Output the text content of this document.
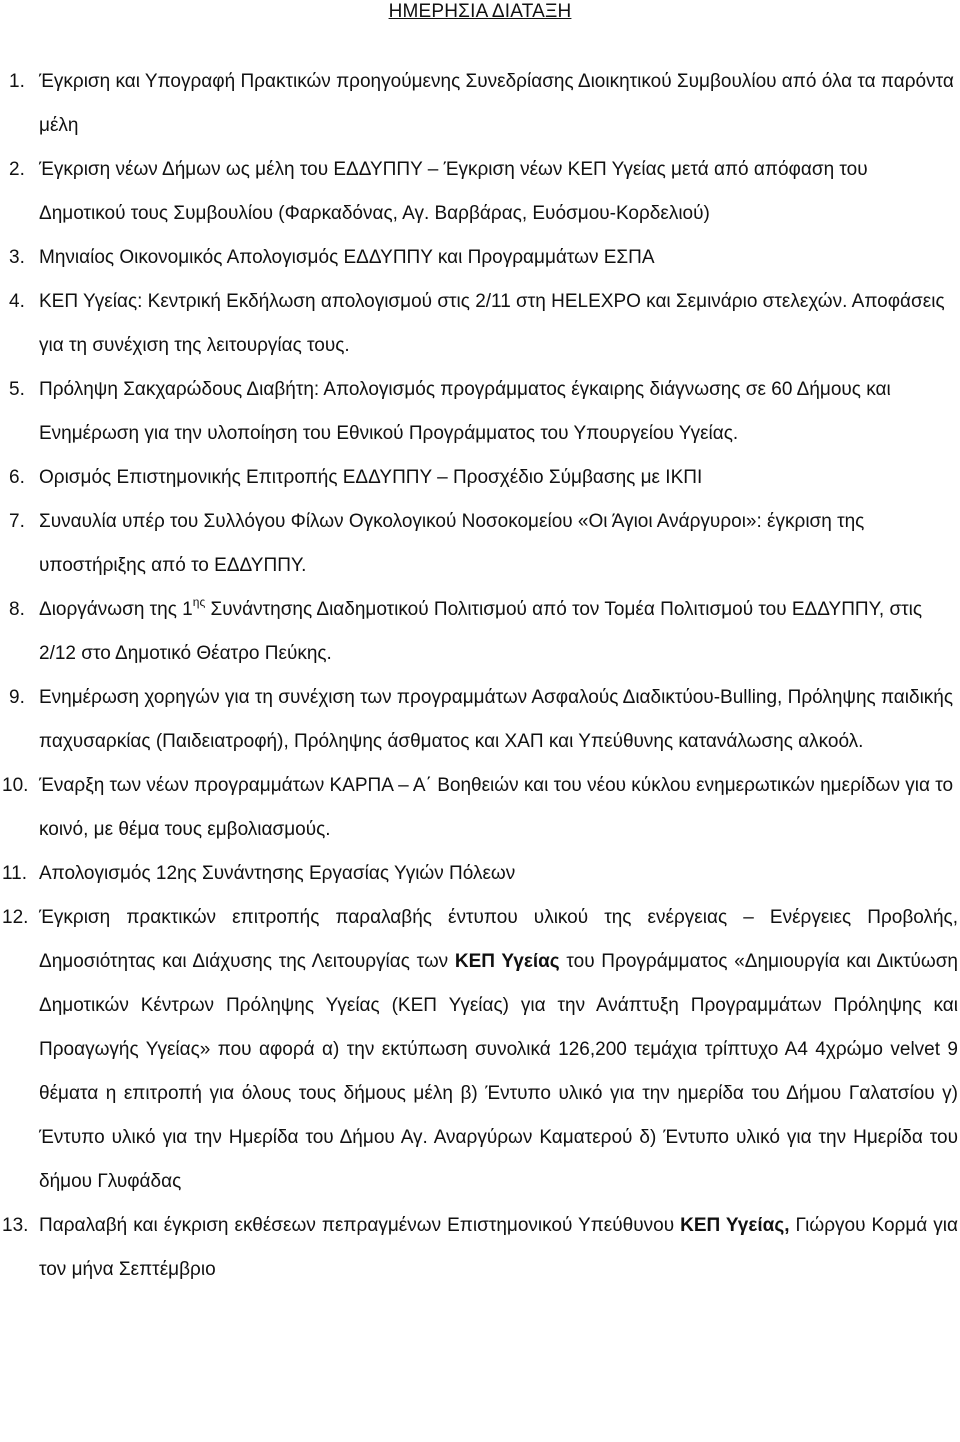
ΗΜΕΡΗΣΙΑ ΔΙΑΤΑΞΗ
1. Έγκριση και Υπογραφή Πρακτικών προηγούμενης Συνεδρίασης Διοικητικού Συμβουλίου από όλα τα παρόντα μέλη
2. Έγκριση νέων Δήμων ως μέλη του ΕΔΔΥΠΠΥ – Έγκριση νέων ΚΕΠ Υγείας μετά από απόφαση του Δημοτικού τους Συμβουλίου (Φαρκαδόνας, Αγ. Βαρβάρας, Ευόσμου-Κορδελιού)
3. Μηνιαίος Οικονομικός Απολογισμός ΕΔΔΥΠΠΥ και Προγραμμάτων ΕΣΠΑ
4. ΚΕΠ Υγείας: Κεντρική Εκδήλωση απολογισμού στις 2/11 στη HELEXPO και Σεμινάριο στελεχών. Αποφάσεις για τη συνέχιση της λειτουργίας τους.
5. Πρόληψη Σακχαρώδους Διαβήτη: Απολογισμός προγράμματος έγκαιρης διάγνωσης σε 60 Δήμους και Ενημέρωση για την υλοποίηση του Εθνικού Προγράμματος του Υπουργείου Υγείας.
6. Ορισμός Επιστημονικής Επιτροπής ΕΔΔΥΠΠΥ – Προσχέδιο Σύμβασης με ΙΚΠΙ
7. Συναυλία υπέρ του Συλλόγου Φίλων Ογκολογικού Νοσοκομείου «Οι Άγιοι Ανάργυροι»: έγκριση της υποστήριξης από το ΕΔΔΥΠΠΥ.
8. Διοργάνωση της $1^{\eta\varsigma}$ Συνάντησης Διαδημοτικού Πολιτισμού από τον Τομέα Πολιτισμού του ΕΔΔΥΠΠΥ, στις 2/12 στο Δημοτικό Θέατρο Πεύκης.
9. Ενημέρωση χορηγών για τη συνέχιση των προγραμμάτων Ασφαλούς Διαδικτύου-Bulling, Πρόληψης παιδικής παχυσαρκίας (Παιδειατροφή), Πρόληψης άσθματος και ΧΑΠ και Υπεύθυνης κατανάλωσης αλκοόλ.
10. Έναρξη των νέων προγραμμάτων ΚΑΡΠΑ – Α΄ Βοηθειών και του νέου κύκλου ενημερωτικών ημερίδων για το κοινό, με θέμα τους εμβολιασμούς.
11. Απολογισμός 12ης Συνάντησης Εργασίας Υγιών Πόλεων
12. Έγκριση πρακτικών επιτροπής παραλαβής έντυπου υλικού της ενέργειας – Ενέργειες Προβολής, Δημοσιότητας και Διάχυσης της Λειτουργίας των ΚΕΠ Υγείας του Προγράμματος «Δημιουργία και Δικτύωση Δημοτικών Κέντρων Πρόληψης Υγείας (ΚΕΠ Υγείας) για την Ανάπτυξη Προγραμμάτων Πρόληψης και Προαγωγής Υγείας» που αφορά α) την εκτύπωση συνολικά 126,200 τεμάχια τρίπτυχο Α4 4χρώμο velvet 9 θέματα η επιτροπή για όλους τους δήμους μέλη β) Έντυπο υλικό για την ημερίδα του Δήμου Γαλατσίου γ) Έντυπο υλικό για την Ημερίδα του Δήμου Αγ. Αναργύρων Καματερού δ) Έντυπο υλικό για την Ημερίδα του δήμου Γλυφάδας
13. Παραλαβή και έγκριση εκθέσεων πεπραγμένων Επιστημονικού Υπεύθυνου ΚΕΠ Υγείας, Γιώργου Κορμά για τον μήνα Σεπτέμβριο
